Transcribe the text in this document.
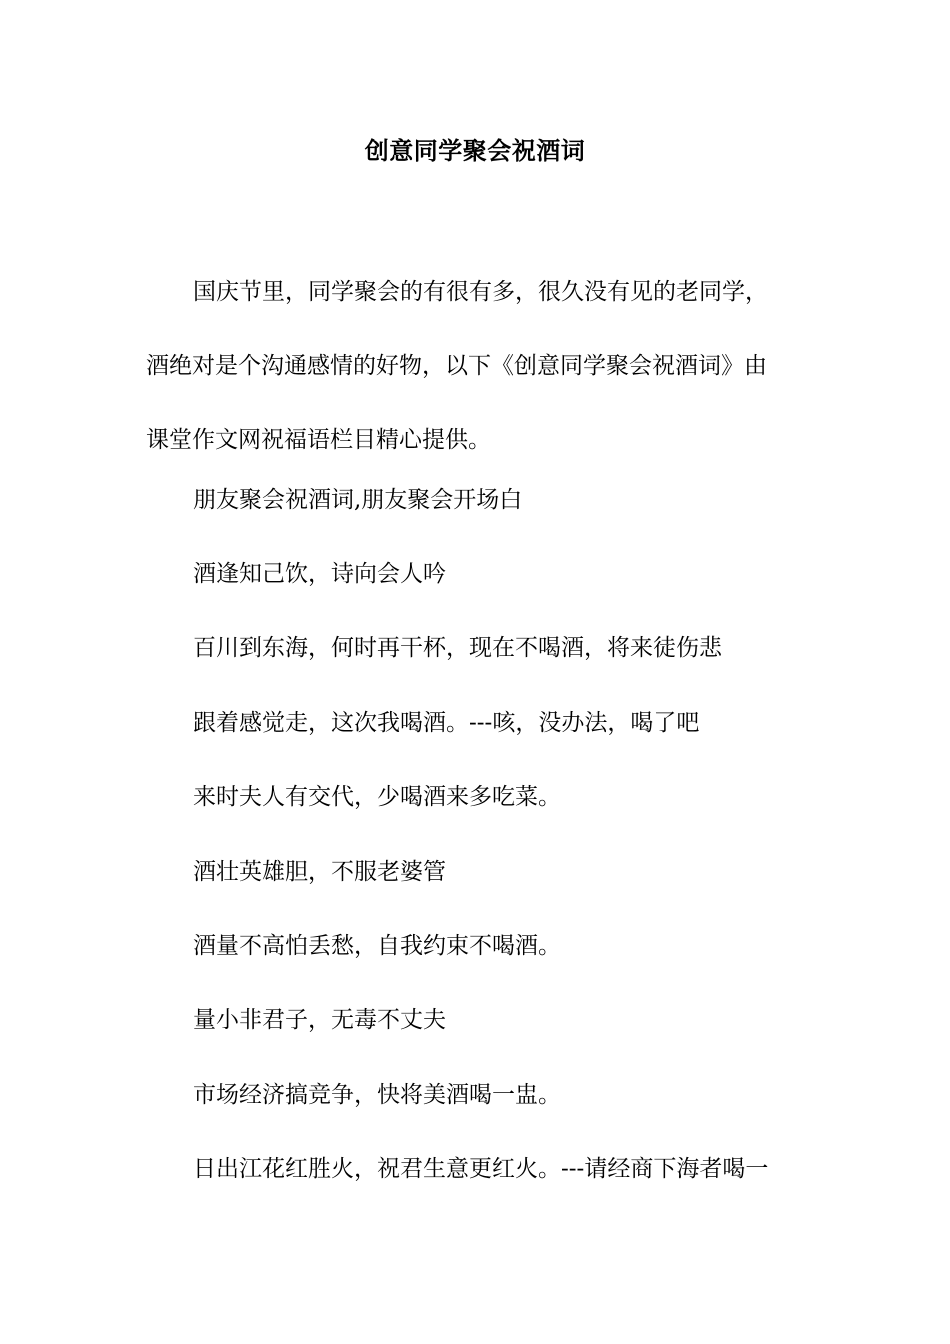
创意同学聚会祝酒词

国庆节里，同学聚会的有很有多，很久没有见的老同学，
酒绝对是个沟通感情的好物，以下《创意同学聚会祝酒词》由
课堂作文网祝福语栏目精心提供。

朋友聚会祝酒词,朋友聚会开场白

酒逢知己饮，诗向会人吟

百川到东海，何时再干杯，现在不喝酒，将来徒伤悲

跟着感觉走，这次我喝酒。---咳，没办法，喝了吧

来时夫人有交代，少喝酒来多吃菜。

酒壮英雄胆，不服老婆管

酒量不高怕丢愁，自我约束不喝酒。

量小非君子，无毒不丈夫

市场经济搞竞争，快将美酒喝一盅。

日出江花红胜火，祝君生意更红火。---请经商下海者喝一
